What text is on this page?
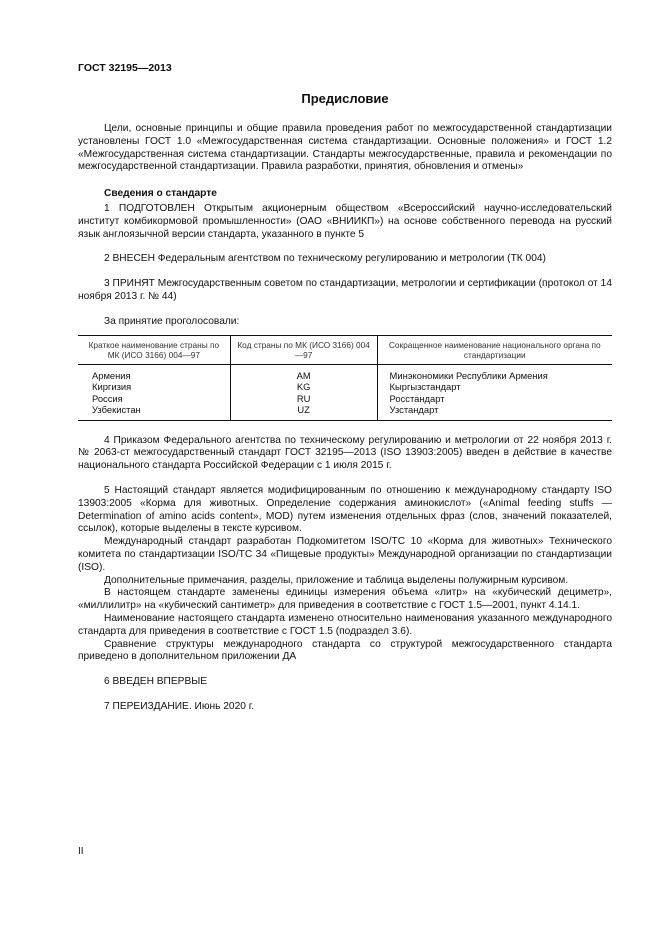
ГОСТ 32195—2013
Предисловие

Цели, основные принципы и общие правила проведения работ по межгосударственной стандартизации установлены ГОСТ 1.0 «Межгосударственная система стандартизации. Основные положения» и ГОСТ 1.2 «Межгосударственная система стандартизации. Стандарты межгосударственные, правила и рекомендации по межгосударственной стандартизации. Правила разработки, принятия, обновления и отмены»

Сведения о стандарте

1 ПОДГОТОВЛЕН Открытым акционерным обществом «Всероссийский научно-исследовательский институт комбикормовой промышленности» (ОАО «ВНИИКП») на основе собственного перевода на русский язык англоязычной версии стандарта, указанного в пункте 5

2 ВНЕСЕН Федеральным агентством по техническому регулированию и метрологии (ТК 004)

3 ПРИНЯТ Межгосударственным советом по стандартизации, метрологии и сертификации (протокол от 14 ноября 2013 г. № 44)

За принятие проголосовали:

Краткое наименование страны по МК (ИСО 3166) 004—97	Код страны по МК (ИСО 3166) 004—97	Сокращенное наименование национального органа по стандартизации
Армения	AM	Минэкономики Республики Армения
Киргизия	KG	Кыргызстандарт
Россия	RU	Росстандарт
Узбекистан	UZ	Узстандарт

4 Приказом Федерального агентства по техническому регулированию и метрологии от 22 ноября 2013 г. № 2063-ст межгосударственный стандарт ГОСТ 32195—2013 (ISO 13903:2005) введен в действие в качестве национального стандарта Российской Федерации с 1 июля 2015 г.

5 Настоящий стандарт является модифицированным по отношению к международному стандарту ISO 13903:2005 «Корма для животных. Определение содержания аминокислот» («Animal feeding stuffs — Determination of amino acids content», MOD) путем изменения отдельных фраз (слов, значений показателей, ссылок), которые выделены в тексте курсивом.

Международный стандарт разработан Подкомитетом ISO/TC 10 «Корма для животных» Технического комитета по стандартизации ISO/TC 34 «Пищевые продукты» Международной организации по стандартизации (ISO).

Дополнительные примечания, разделы, приложение и таблица выделены полужирным курсивом.

В настоящем стандарте заменены единицы измерения объема «литр» на «кубический дециметр», «миллилитр» на «кубический сантиметр» для приведения в соответствие с ГОСТ 1.5—2001, пункт 4.14.1.

Наименование настоящего стандарта изменено относительно наименования указанного международного стандарта для приведения в соответствие с ГОСТ 1.5 (подраздел 3.6).

Сравнение структуры международного стандарта со структурой межгосударственного стандарта приведено в дополнительном приложении ДА

6 ВВЕДЕН ВПЕРВЫЕ

7 ПЕРЕИЗДАНИЕ. Июнь 2020 г.

II
